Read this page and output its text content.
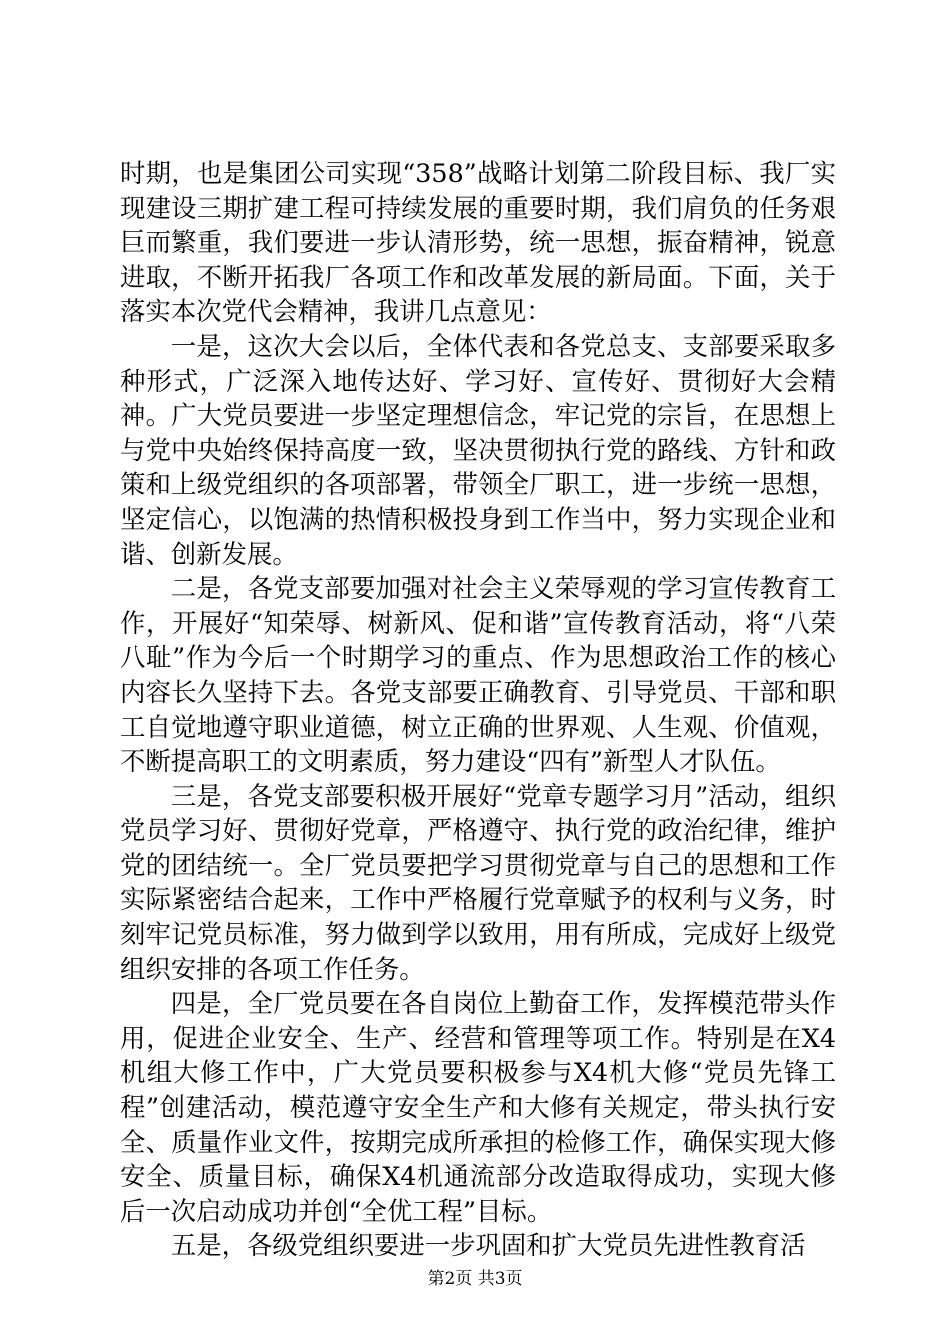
时期，也是集团公司实现“358”战略计划第二阶段目标、我厂实现建设三期扩建工程可持续发展的重要时期，我们肩负的任务艰巨而繁重，我们要进一步认清形势，统一思想，振奋精神，锐意进取，不断开拓我厂各项工作和改革发展的新局面。下面，关于落实本次党代会精神，我讲几点意见：

一是，这次大会以后，全体代表和各党总支、支部要采取多种形式，广泛深入地传达好、学习好、宣传好、贯彻好大会精神。广大党员要进一步坚定理想信念，牢记党的宗旨，在思想上与党中央始终保持高度一致，坚决贯彻执行党的路线、方针和政策和上级党组织的各项部署，带领全厂职工，进一步统一思想，坚定信心，以饱满的热情积极投身到工作当中，努力实现企业和谐、创新发展。

二是，各党支部要加强对社会主义荣辱观的学习宣传教育工作，开展好“知荣辱、树新风、促和谐”宣传教育活动，将“八荣八耻”作为今后一个时期学习的重点、作为思想政治工作的核心内容长久坚持下去。各党支部要正确教育、引导党员、干部和职工自觉地遵守职业道德，树立正确的世界观、人生观、价值观，不断提高职工的文明素质，努力建设“四有”新型人才队伍。

三是，各党支部要积极开展好“党章专题学习月”活动，组织党员学习好、贯彻好党章，严格遵守、执行党的政治纪律，维护党的团结统一。全厂党员要把学习贯彻党章与自己的思想和工作实际紧密结合起来，工作中严格履行党章赋予的权利与义务，时刻牢记党员标准，努力做到学以致用，用有所成，完成好上级党组织安排的各项工作任务。

四是，全厂党员要在各自岗位上勤奋工作，发挥模范带头作用，促进企业安全、生产、经营和管理等项工作。特别是在X4机组大修工作中，广大党员要积极参与X4机大修“党员先锋工程”创建活动，模范遵守安全生产和大修有关规定，带头执行安全、质量作业文件，按期完成所承担的检修工作，确保实现大修安全、质量目标，确保X4机通流部分改造取得成功，实现大修后一次启动成功并创“全优工程”目标。

五是，各级党组织要进一步巩固和扩大党员先进性教育活

第2页 共3页
